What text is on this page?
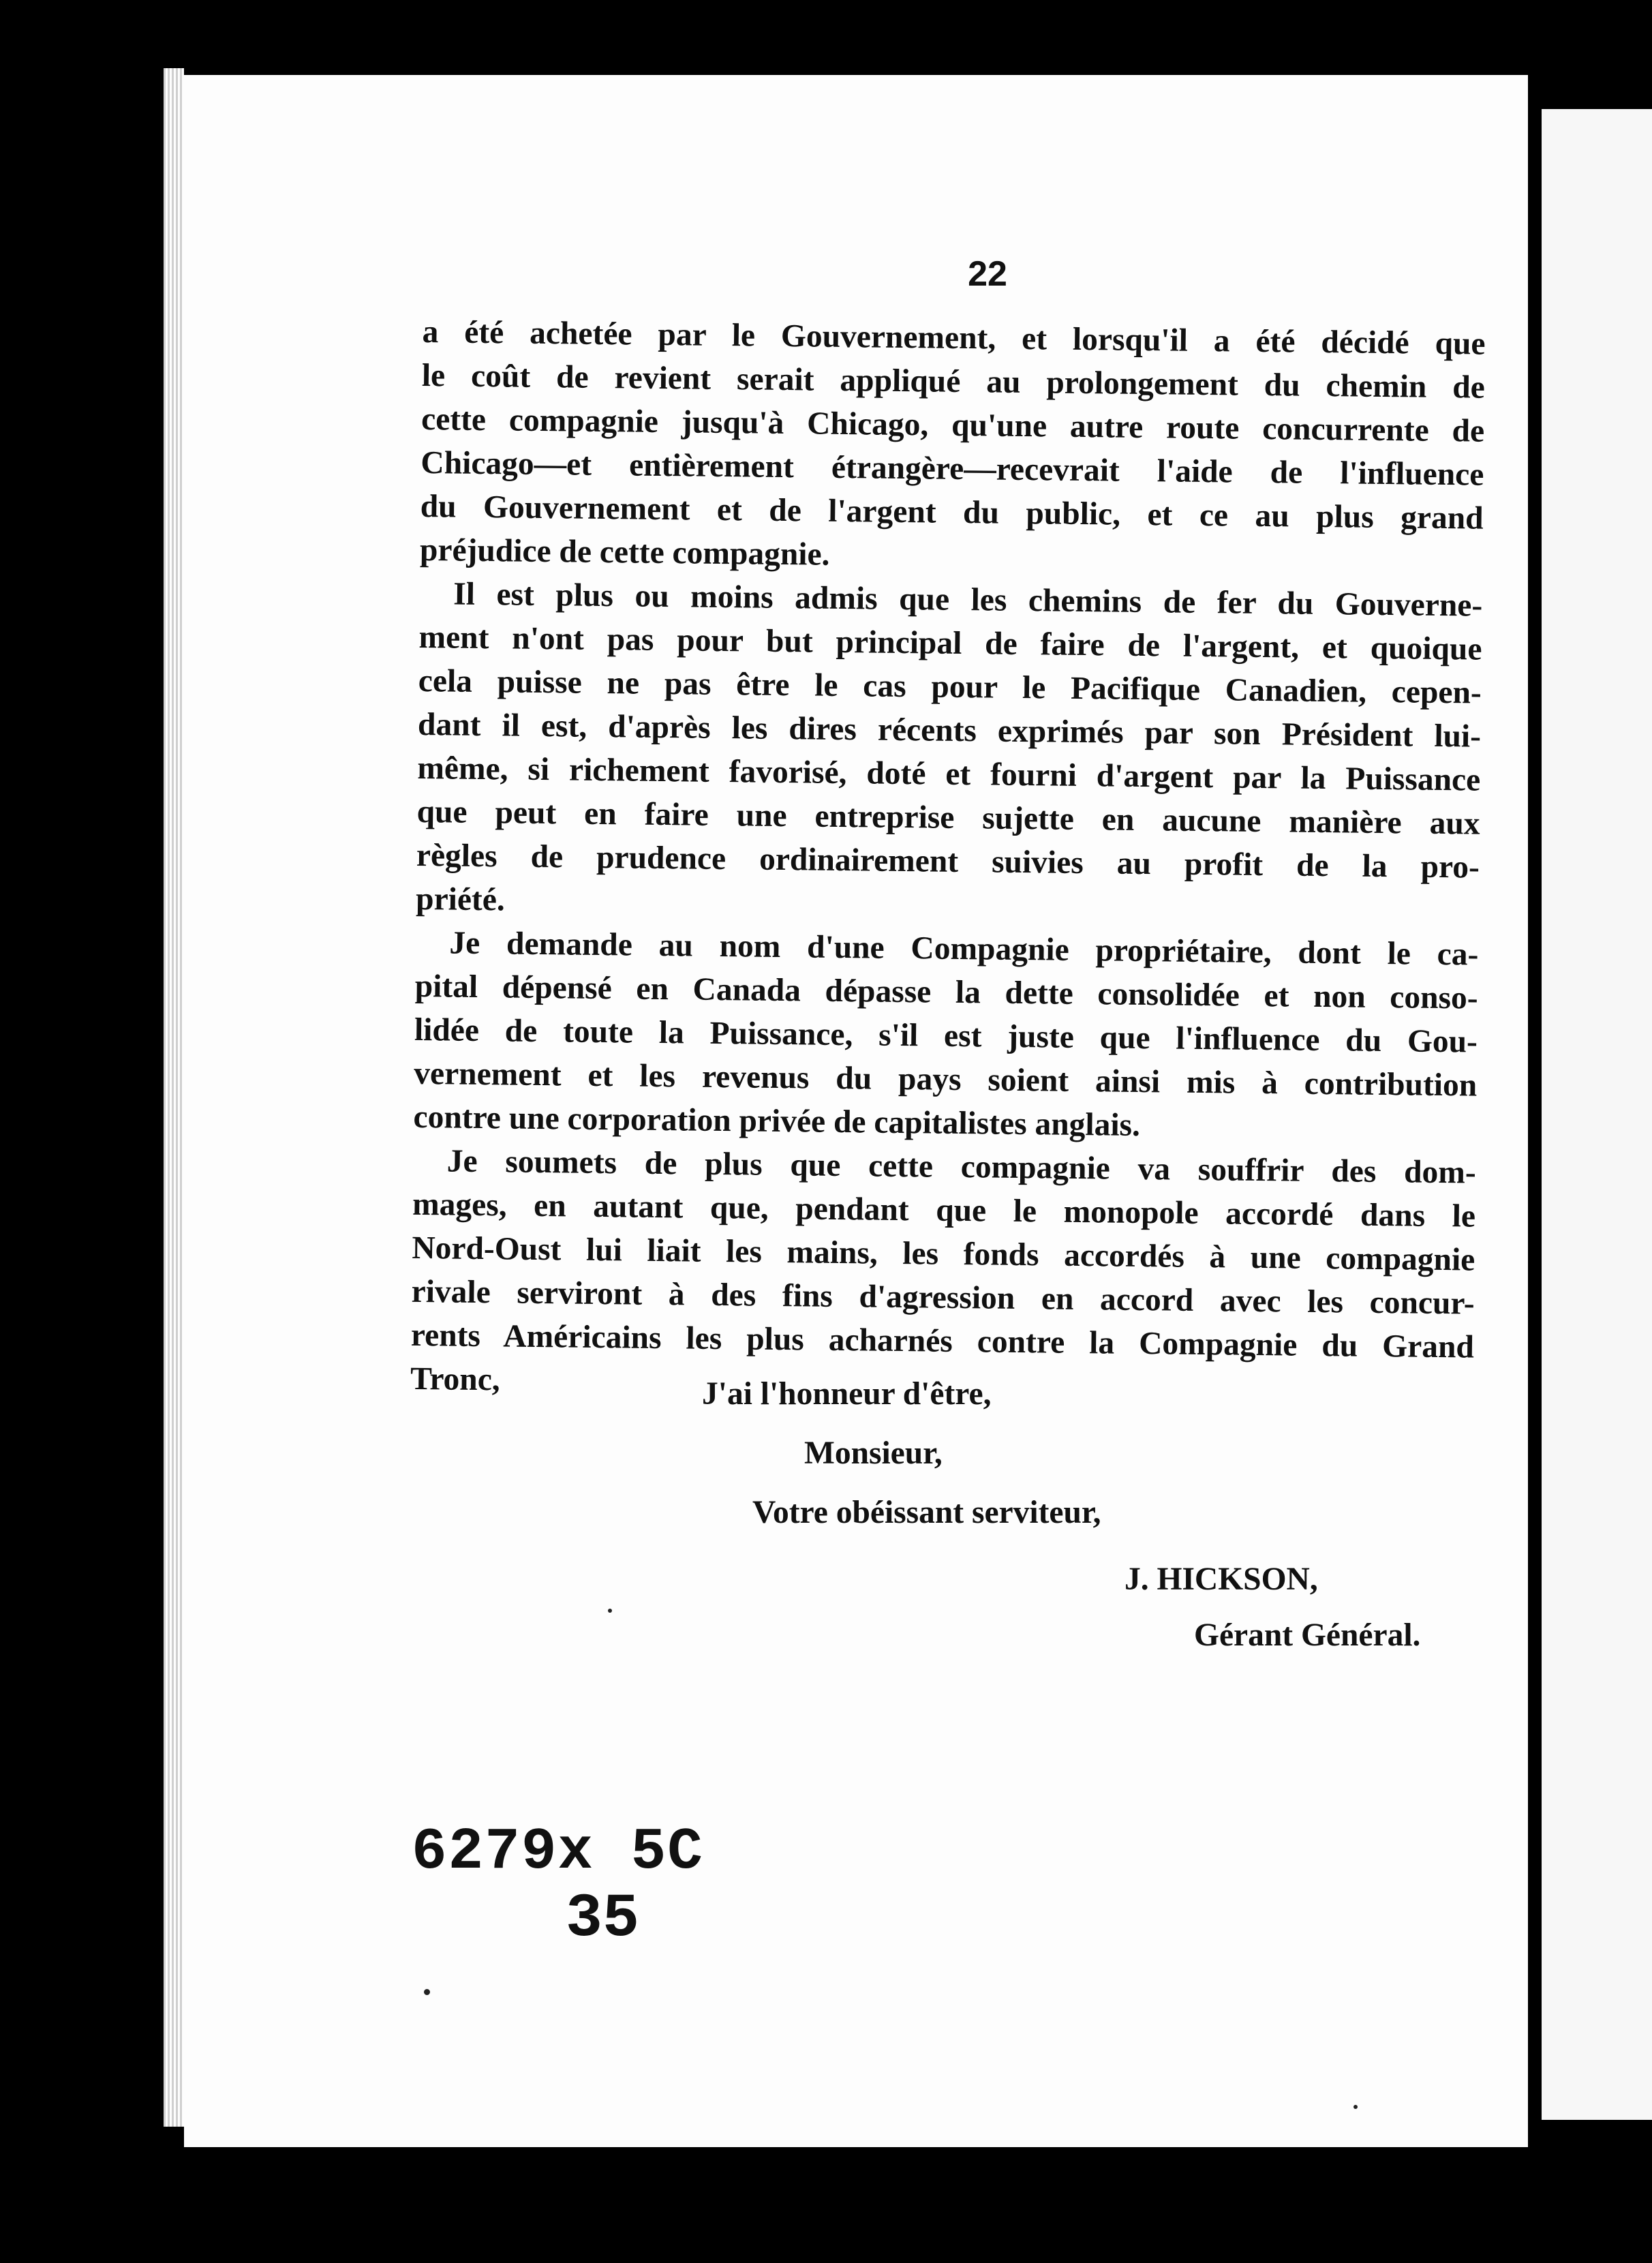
22
a été achetée par le Gouvernement, et lorsqu'il a été décidé que
le coût de revient serait appliqué au prolongement du chemin de
cette compagnie jusqu'à Chicago, qu'une autre route concurrente de
Chicago—et entièrement étrangère—recevrait l'aide de l'influence
du Gouvernement et de l'argent du public, et ce au plus grand
préjudice de cette compagnie.
Il est plus ou moins admis que les chemins de fer du Gouverne-
ment n'ont pas pour but principal de faire de l'argent, et quoique
cela puisse ne pas être le cas pour le Pacifique Canadien, cepen-
dant il est, d'après les dires récents exprimés par son Président lui-
même, si richement favorisé, doté et fourni d'argent par la Puissance
que peut en faire une entreprise sujette en aucune manière aux
règles de prudence ordinairement suivies au profit de la pro-
priété.
Je demande au nom d'une Compagnie propriétaire, dont le ca-
pital dépensé en Canada dépasse la dette consolidée et non conso-
lidée de toute la Puissance, s'il est juste que l'influence du Gou-
vernement et les revenus du pays soient ainsi mis à contribution
contre une corporation privée de capitalistes anglais.
Je soumets de plus que cette compagnie va souffrir des dom-
mages, en autant que, pendant que le monopole accordé dans le
Nord-Oust lui liait les mains, les fonds accordés à une compagnie
rivale serviront à des fins d'agression en accord avec les concur-
rents Américains les plus acharnés contre la Compagnie du Grand
Tronc,	J'ai l'honneur d'être,
Monsieur,
Votre obéissant serviteur,
J. HICKSON,
Gérant Général.
6279x 5C
35
